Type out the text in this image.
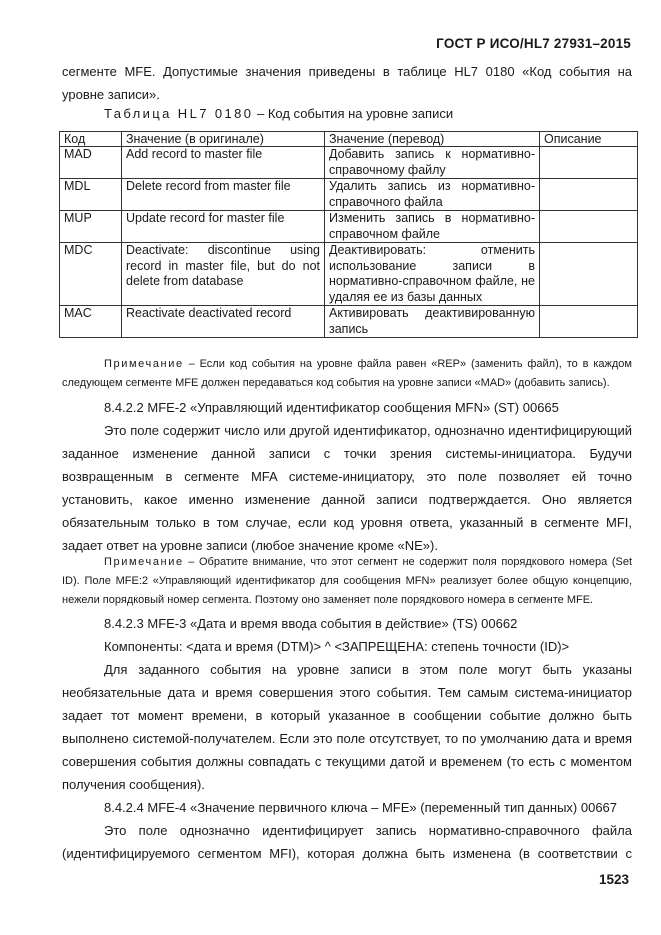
ГОСТ Р ИСО/HL7 27931–2015
сегменте MFE. Допустимые значения приведены в таблице HL7 0180 «Код события на уровне записи».
Таблица HL7 0180 – Код события на уровне записи
Код	Значение (в оригинале)	Значение (перевод)	Описание
MAD	Add record to master file	Добавить запись к нормативно-справочному файлу	
MDL	Delete record from master file	Удалить запись из нормативно-справочного файла	
MUP	Update record for master file	Изменить запись в нормативно-справочном файле	
MDC	Deactivate: discontinue using record in master file, but do not delete from database	Деактивировать: отменить использование записи в нормативно-справочном файле, не удаляя ее из базы данных	
MAC	Reactivate deactivated record	Активировать деактивированную запись	
Примечание – Если код события на уровне файла равен «REP» (заменить файл), то в каждом следующем сегменте MFE должен передаваться код события на уровне записи «MAD» (добавить запись).
8.4.2.2 MFE-2 «Управляющий идентификатор сообщения MFN» (ST) 00665
Это поле содержит число или другой идентификатор, однозначно идентифицирующий заданное изменение данной записи с точки зрения системы-инициатора. Будучи возвращенным в сегменте MFA системе-инициатору, это поле позволяет ей точно установить, какое именно изменение данной записи подтверждается. Оно является обязательным только в том случае, если код уровня ответа, указанный в сегменте MFI, задает ответ на уровне записи (любое значение кроме «NE»).
Примечание – Обратите внимание, что этот сегмент не содержит поля порядкового номера (Set ID). Поле MFE:2 «Управляющий идентификатор для сообщения MFN» реализует более общую концепцию, нежели порядковый номер сегмента. Поэтому оно заменяет поле порядкового номера в сегменте MFE.
8.4.2.3 MFE-3 «Дата и время ввода события в действие» (TS) 00662
Компоненты: <дата и время (DTM)> ^ <ЗАПРЕЩЕНА: степень точности (ID)>
Для заданного события на уровне записи в этом поле могут быть указаны необязательные дата и время совершения этого события. Тем самым система-инициатор задает тот момент времени, в который указанное в сообщении событие должно быть выполнено системой-получателем. Если это поле отсутствует, то по умолчанию дата и время совершения события должны совпадать с текущими датой и временем (то есть с моментом получения сообщения).
8.4.2.4 MFE-4 «Значение первичного ключа – MFE» (переменный тип данных) 00667
Это поле однозначно идентифицирует запись нормативно-справочного файла (идентифицируемого сегментом MFI), которая должна быть изменена (в соответствии с
1523
